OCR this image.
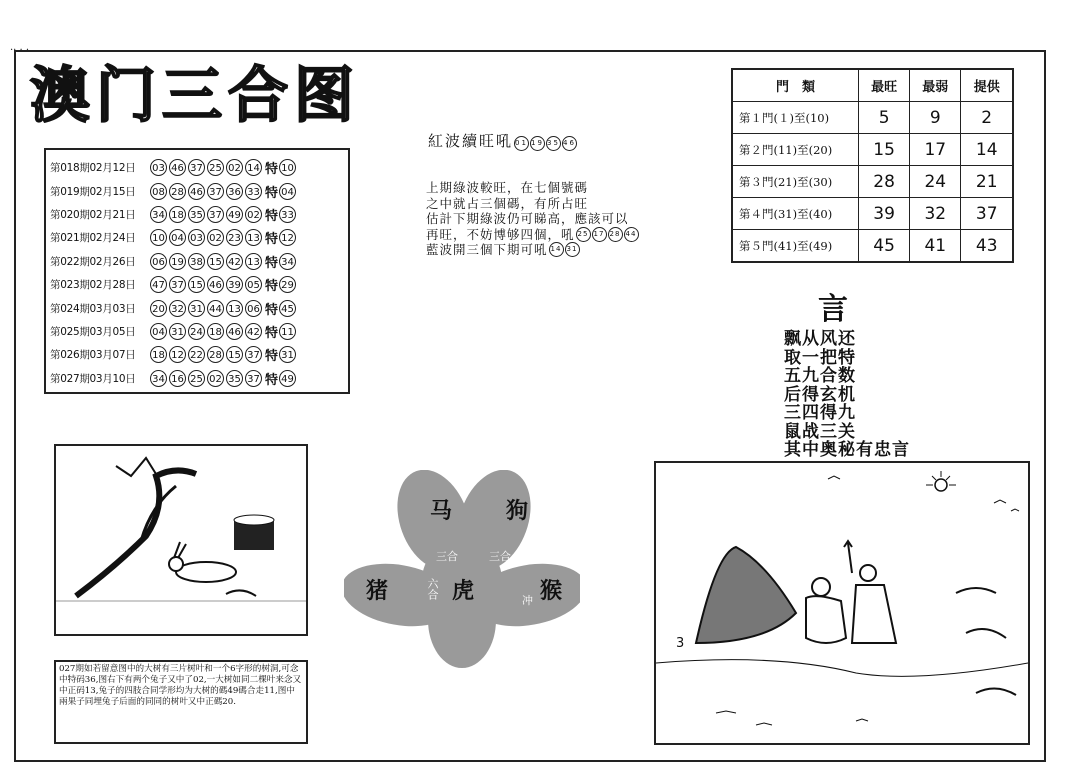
.. . .
澳门三合图
第018期02月12日	03 46 37 25 02 14 特 10
第019期02月15日	08 28 46 37 36 33 特 04
第020期02月21日	34 18 35 37 49 02 特 33
第021期02月24日	10 04 03 02 23 13 特 12
第022期02月26日	06 19 38 15 42 13 特 34
第023期02月28日	47 37 15 46 39 05 特 29
第024期03月03日	20 32 31 44 13 06 特 45
第025期03月05日	04 31 24 18 46 42 特 11
第026期03月07日	18 12 22 28 15 37 特 31
第027期03月10日	34 16 25 02 35 37 特 49
紅波續旺吼 01 19 35 46
上期綠波較旺，在七個號碼
之中就占三個碼，有所占旺
估計下期綠波仍可睇高，應該可以
再旺，不妨博够四個，吼 25 17 28 44
藍波開三個下期可吼 14 31
門　類	最旺	最弱	提供
第１門(１)至(10)	5	9	2
第２門(11)至(20)	15	17	14
第３門(21)至(30)	28	24	21
第４門(31)至(40)	39	32	37
第５門(41)至(49)	45	41	43
言
飘从风还
取一把特
五九合数
后得玄机
三四得九
鼠战三关
其中奥秘有忠言
马 狗
猪	虎	猴
三合	三合
六合
冲
027期如若留意图中的大树有三片树叶和一个6字形的树洞,可念中特码36,图右下有两个兔子又中了02,一大树如同二棵叶来念又中正码13,兔子的四肢合同学形均为大树的碼49碼合走11,图中兩果子同埋兔子后面的同同的树叶又中正碼20.
3
